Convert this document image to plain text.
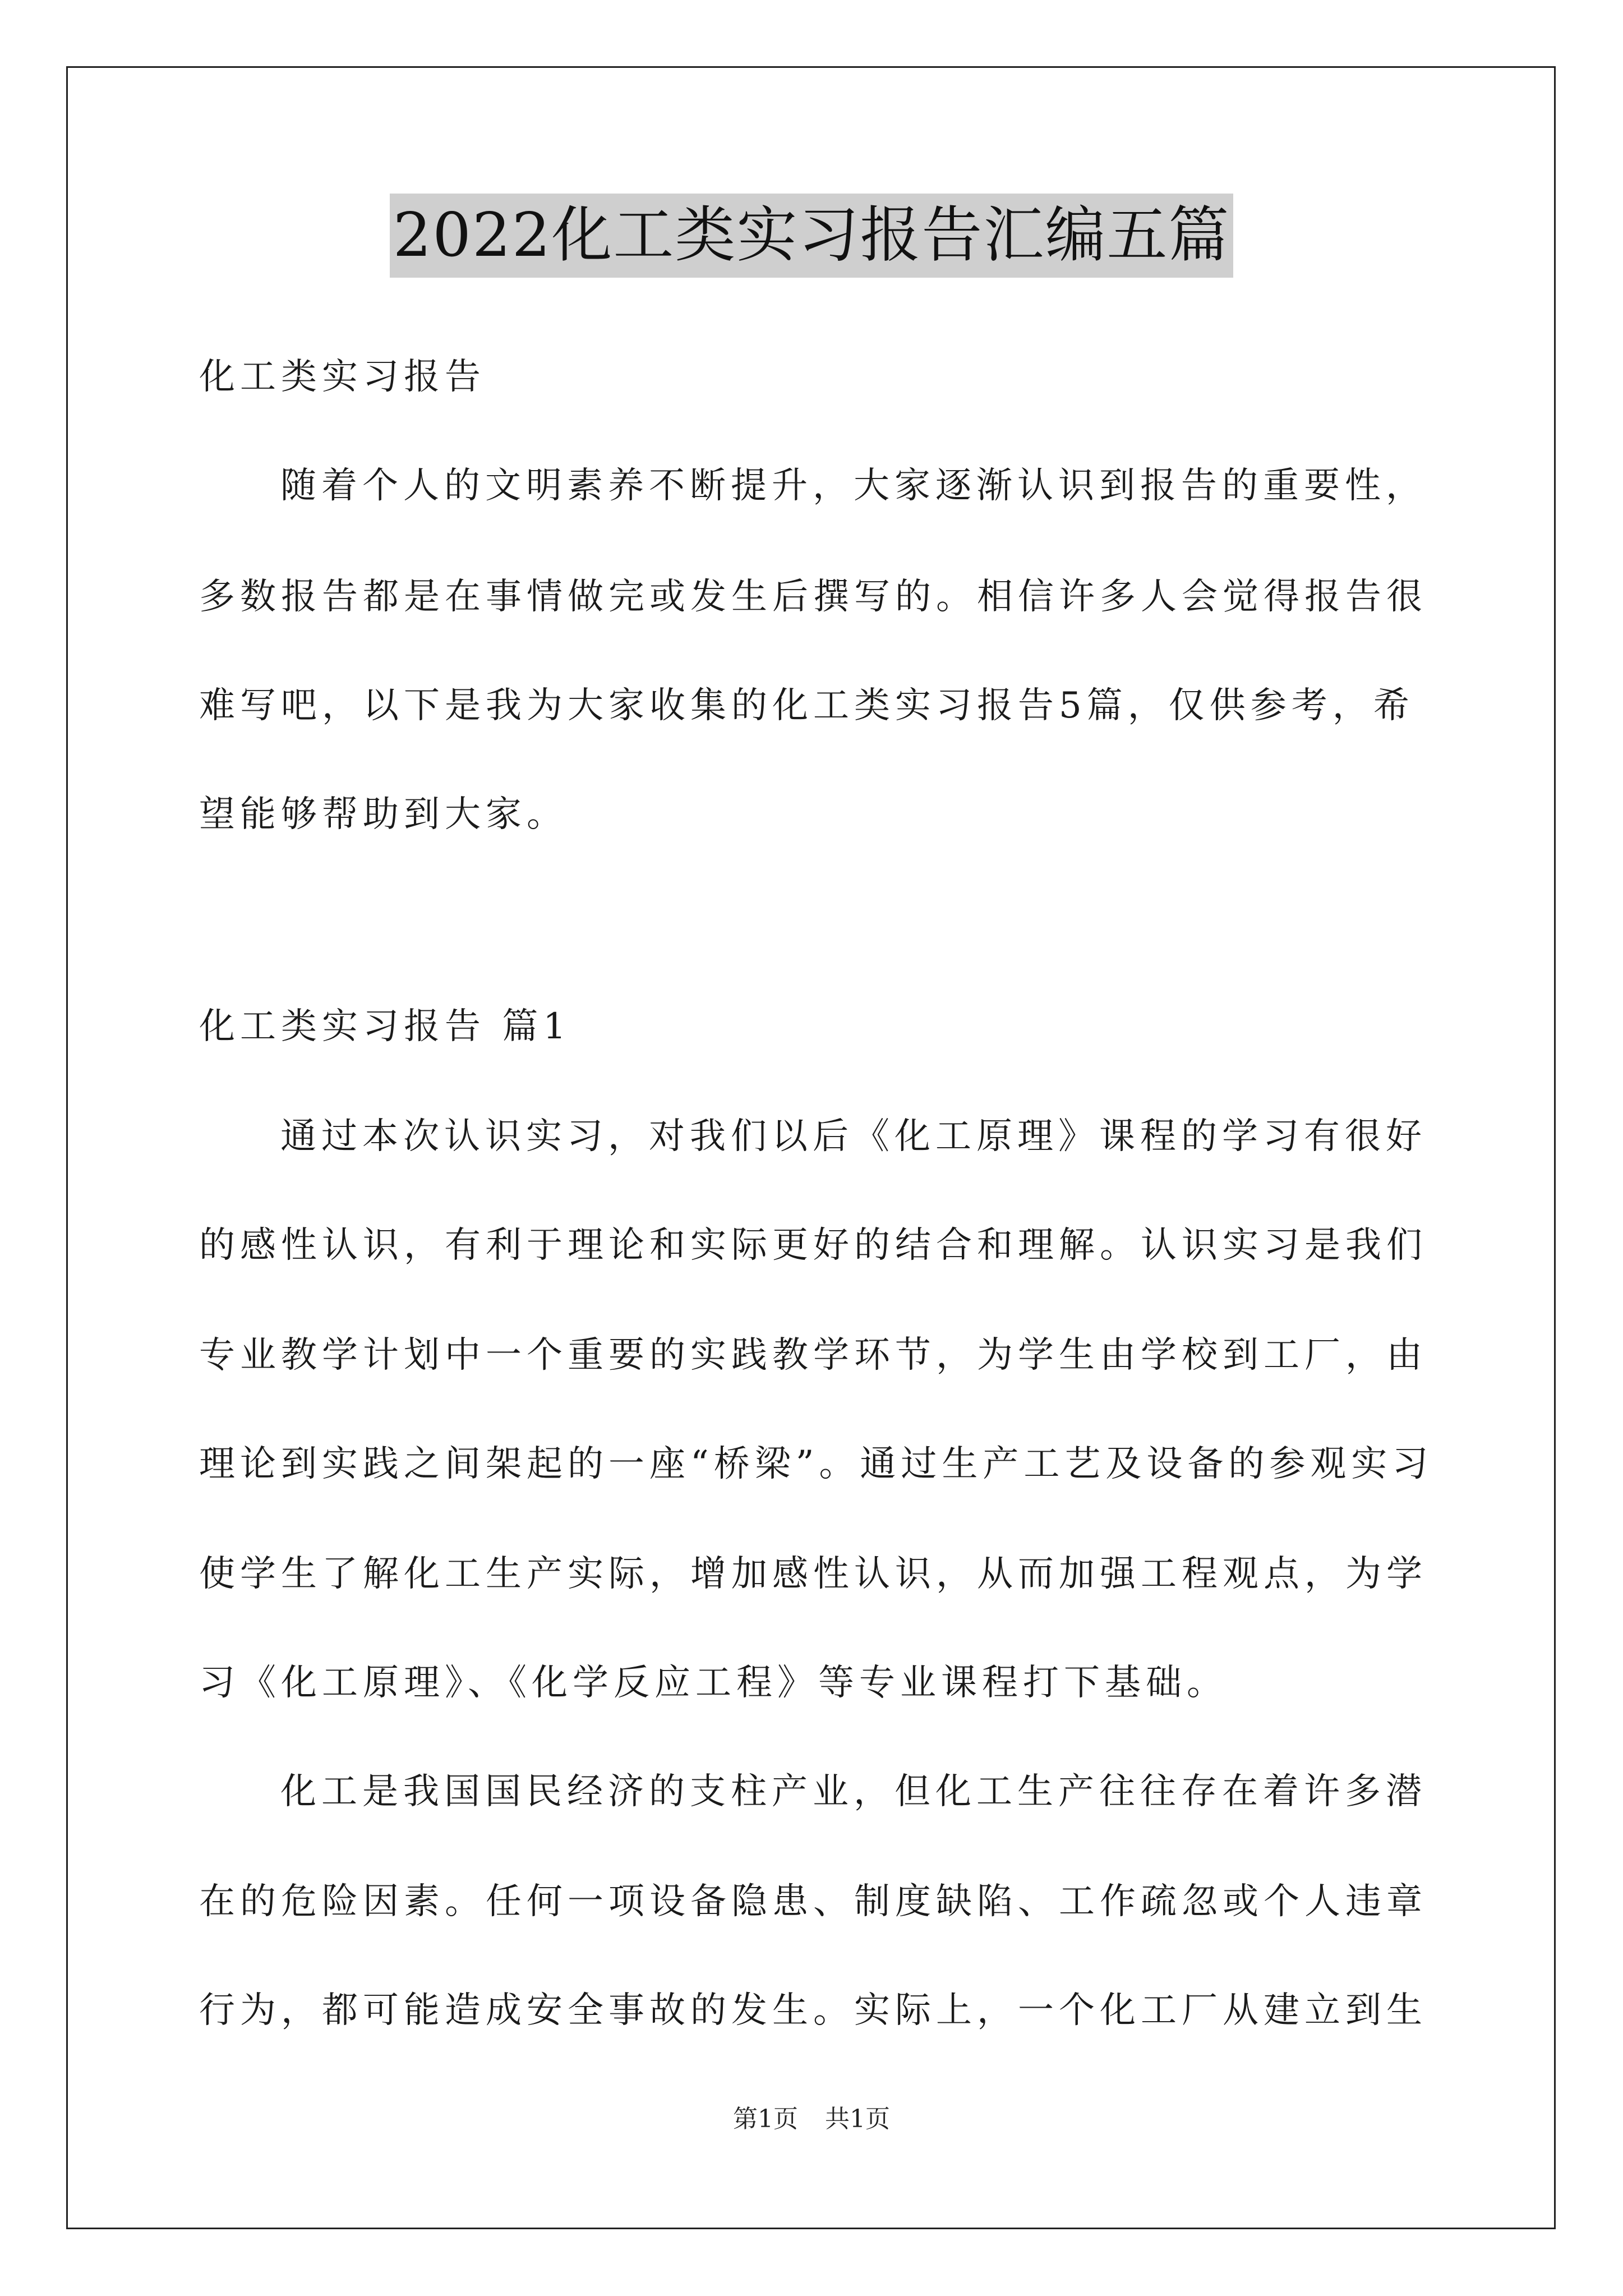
2022化工类实习报告汇编五篇
化工类实习报告
随着个人的文明素养不断提升，大家逐渐认识到报告的重要性，
多数报告都是在事情做完或发生后撰写的。相信许多人会觉得报告很
难写吧，以下是我为大家收集的化工类实习报告5篇，仅供参考，希
望能够帮助到大家。
化工类实习报告 篇1
通过本次认识实习，对我们以后《化工原理》课程的学习有很好
的感性认识，有利于理论和实际更好的结合和理解。认识实习是我们
专业教学计划中一个重要的实践教学环节，为学生由学校到工厂，由
理论到实践之间架起的一座“桥梁”。通过生产工艺及设备的参观实习
使学生了解化工生产实际，增加感性认识，从而加强工程观点，为学
习《化工原理》、《化学反应工程》等专业课程打下基础。
化工是我国国民经济的支柱产业，但化工生产往往存在着许多潜
在的危险因素。任何一项设备隐患、制度缺陷、工作疏忽或个人违章
行为，都可能造成安全事故的发生。实际上，一个化工厂从建立到生
第1页 共1页
